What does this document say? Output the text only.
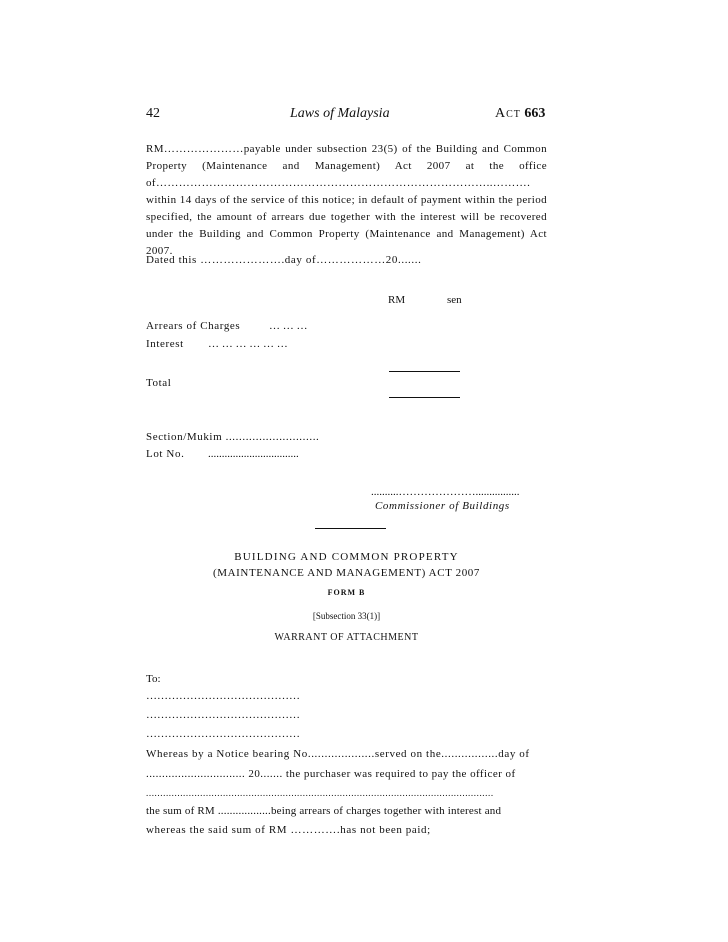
42	Laws of Malaysia	Act 663
RM…………………payable under subsection 23(5) of the Building and Common Property (Maintenance and Management) Act 2007 at the office of……………………………………………………………………………..………. within 14 days of the service of this notice; in default of payment within the period specified, the amount of arrears due together with the interest will be recovered under the Building and Common Property (Maintenance and Management) Act 2007.
Dated this ………………….day of………………20.......
RM	sen
Arrears of Charges	… … …
Interest … … … … … …
Total
Section/Mukim ............................
Lot No. .................................
..........…………………................
Commissioner of Buildings
BUILDING AND COMMON PROPERTY
(MAINTENANCE AND MANAGEMENT) ACT 2007
FORM B
[Subsection 33(1)]
WARRANT OF ATTACHMENT
To:
……………………………………
……………………………………
……………………………………
Whereas by a Notice bearing No....................served on the.................day of
............................... 20....... the purchaser was required to pay the officer of
..........................................................................................................................
the sum of RM ..................being arrears of charges together with interest and
whereas the said sum of RM ………….has not been paid;
